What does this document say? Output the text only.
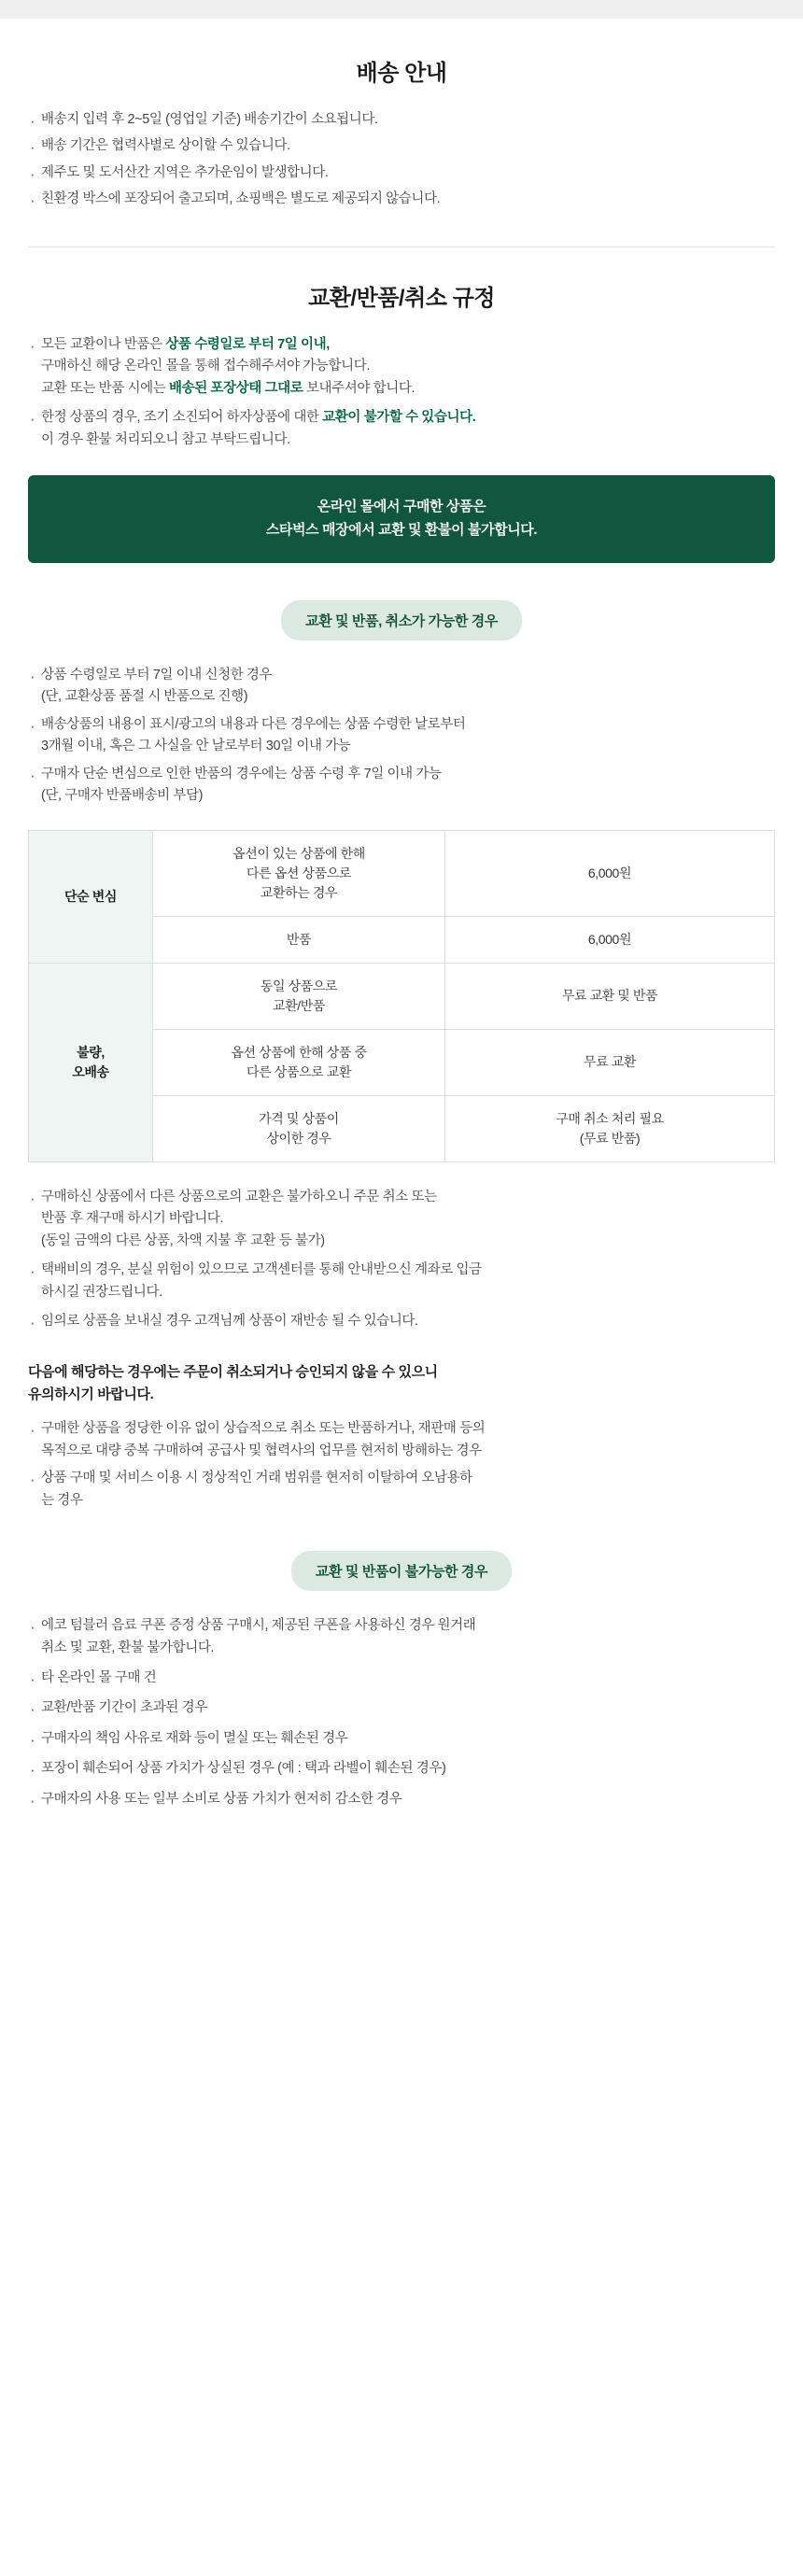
배송 안내
· 배송지 입력 후 2~5일 (영업일 기준) 배송기간이 소요됩니다.
· 배송 기간은 협력사별로 상이할 수 있습니다.
· 제주도 및 도서산간 지역은 추가운임이 발생합니다.
· 친환경 박스에 포장되어 출고되며, 쇼핑백은 별도로 제공되지 않습니다.
교환/반품/취소 규정
· 모든 교환이나 반품은 상품 수령일로 부터 7일 이내,
구매하신 해당 온라인 몰을 통해 접수해주셔야 가능합니다.
교환 또는 반품 시에는 배송된 포장상태 그대로 보내주셔야 합니다.
· 한정 상품의 경우, 조기 소진되어 하자상품에 대한 교환이 불가할 수 있습니다.
이 경우 환불 처리되오니 참고 부탁드립니다.
온라인 몰에서 구매한 상품은
스타벅스 매장에서 교환 및 환불이 불가합니다.
교환 및 반품, 취소가 가능한 경우
· 상품 수령일로 부터 7일 이내 신청한 경우
(단, 교환상품 품절 시 반품으로 진행)
· 배송상품의 내용이 표시/광고의 내용과 다른 경우에는 상품 수령한 날로부터
3개월 이내, 혹은 그 사실을 안 날로부터 30일 이내 가능
· 구매자 단순 변심으로 인한 반품의 경우에는 상품 수령 후 7일 이내 가능
(단, 구매자 반품배송비 부담)
단순 변심	옵션이 있는 상품에 한해
다른 옵션 상품으로
교환하는 경우	6,000원
	반품	6,000원
불량,
오배송	동일 상품으로
교환/반품	무료 교환 및 반품
	옵션 상품에 한해 상품 중
다른 상품으로 교환	무료 교환
	가격 및 상품이
상이한 경우	구매 취소 처리 필요
(무료 반품)
· 구매하신 상품에서 다른 상품으로의 교환은 불가하오니 주문 취소 또는
반품 후 재구매 하시기 바랍니다.
(동일 금액의 다른 상품, 차액 지불 후 교환 등 불가)
· 택배비의 경우, 분실 위험이 있으므로 고객센터를 통해 안내받으신 계좌로 입금
하시길 권장드립니다.
· 임의로 상품을 보내실 경우 고객님께 상품이 재반송 될 수 있습니다.
다음에 해당하는 경우에는 주문이 취소되거나 승인되지 않을 수 있으니
유의하시기 바랍니다.
· 구매한 상품을 정당한 이유 없이 상습적으로 취소 또는 반품하거나, 재판매 등의
목적으로 대량 중복 구매하여 공급사 및 협력사의 업무를 현저히 방해하는 경우
· 상품 구매 및 서비스 이용 시 정상적인 거래 범위를 현저히 이탈하여 오남용하
는 경우
교환 및 반품이 불가능한 경우
· 에코 텀블러 음료 쿠폰 증정 상품 구매시, 제공된 쿠폰을 사용하신 경우 원거래
취소 및 교환, 환불 불가합니다.
· 타 온라인 몰 구매 건
· 교환/반품 기간이 초과된 경우
· 구매자의 책임 사유로 재화 등이 멸실 또는 훼손된 경우
· 포장이 훼손되어 상품 가치가 상실된 경우 (예 : 택과 라벨이 훼손된 경우)
· 구매자의 사용 또는 일부 소비로 상품 가치가 현저히 감소한 경우
